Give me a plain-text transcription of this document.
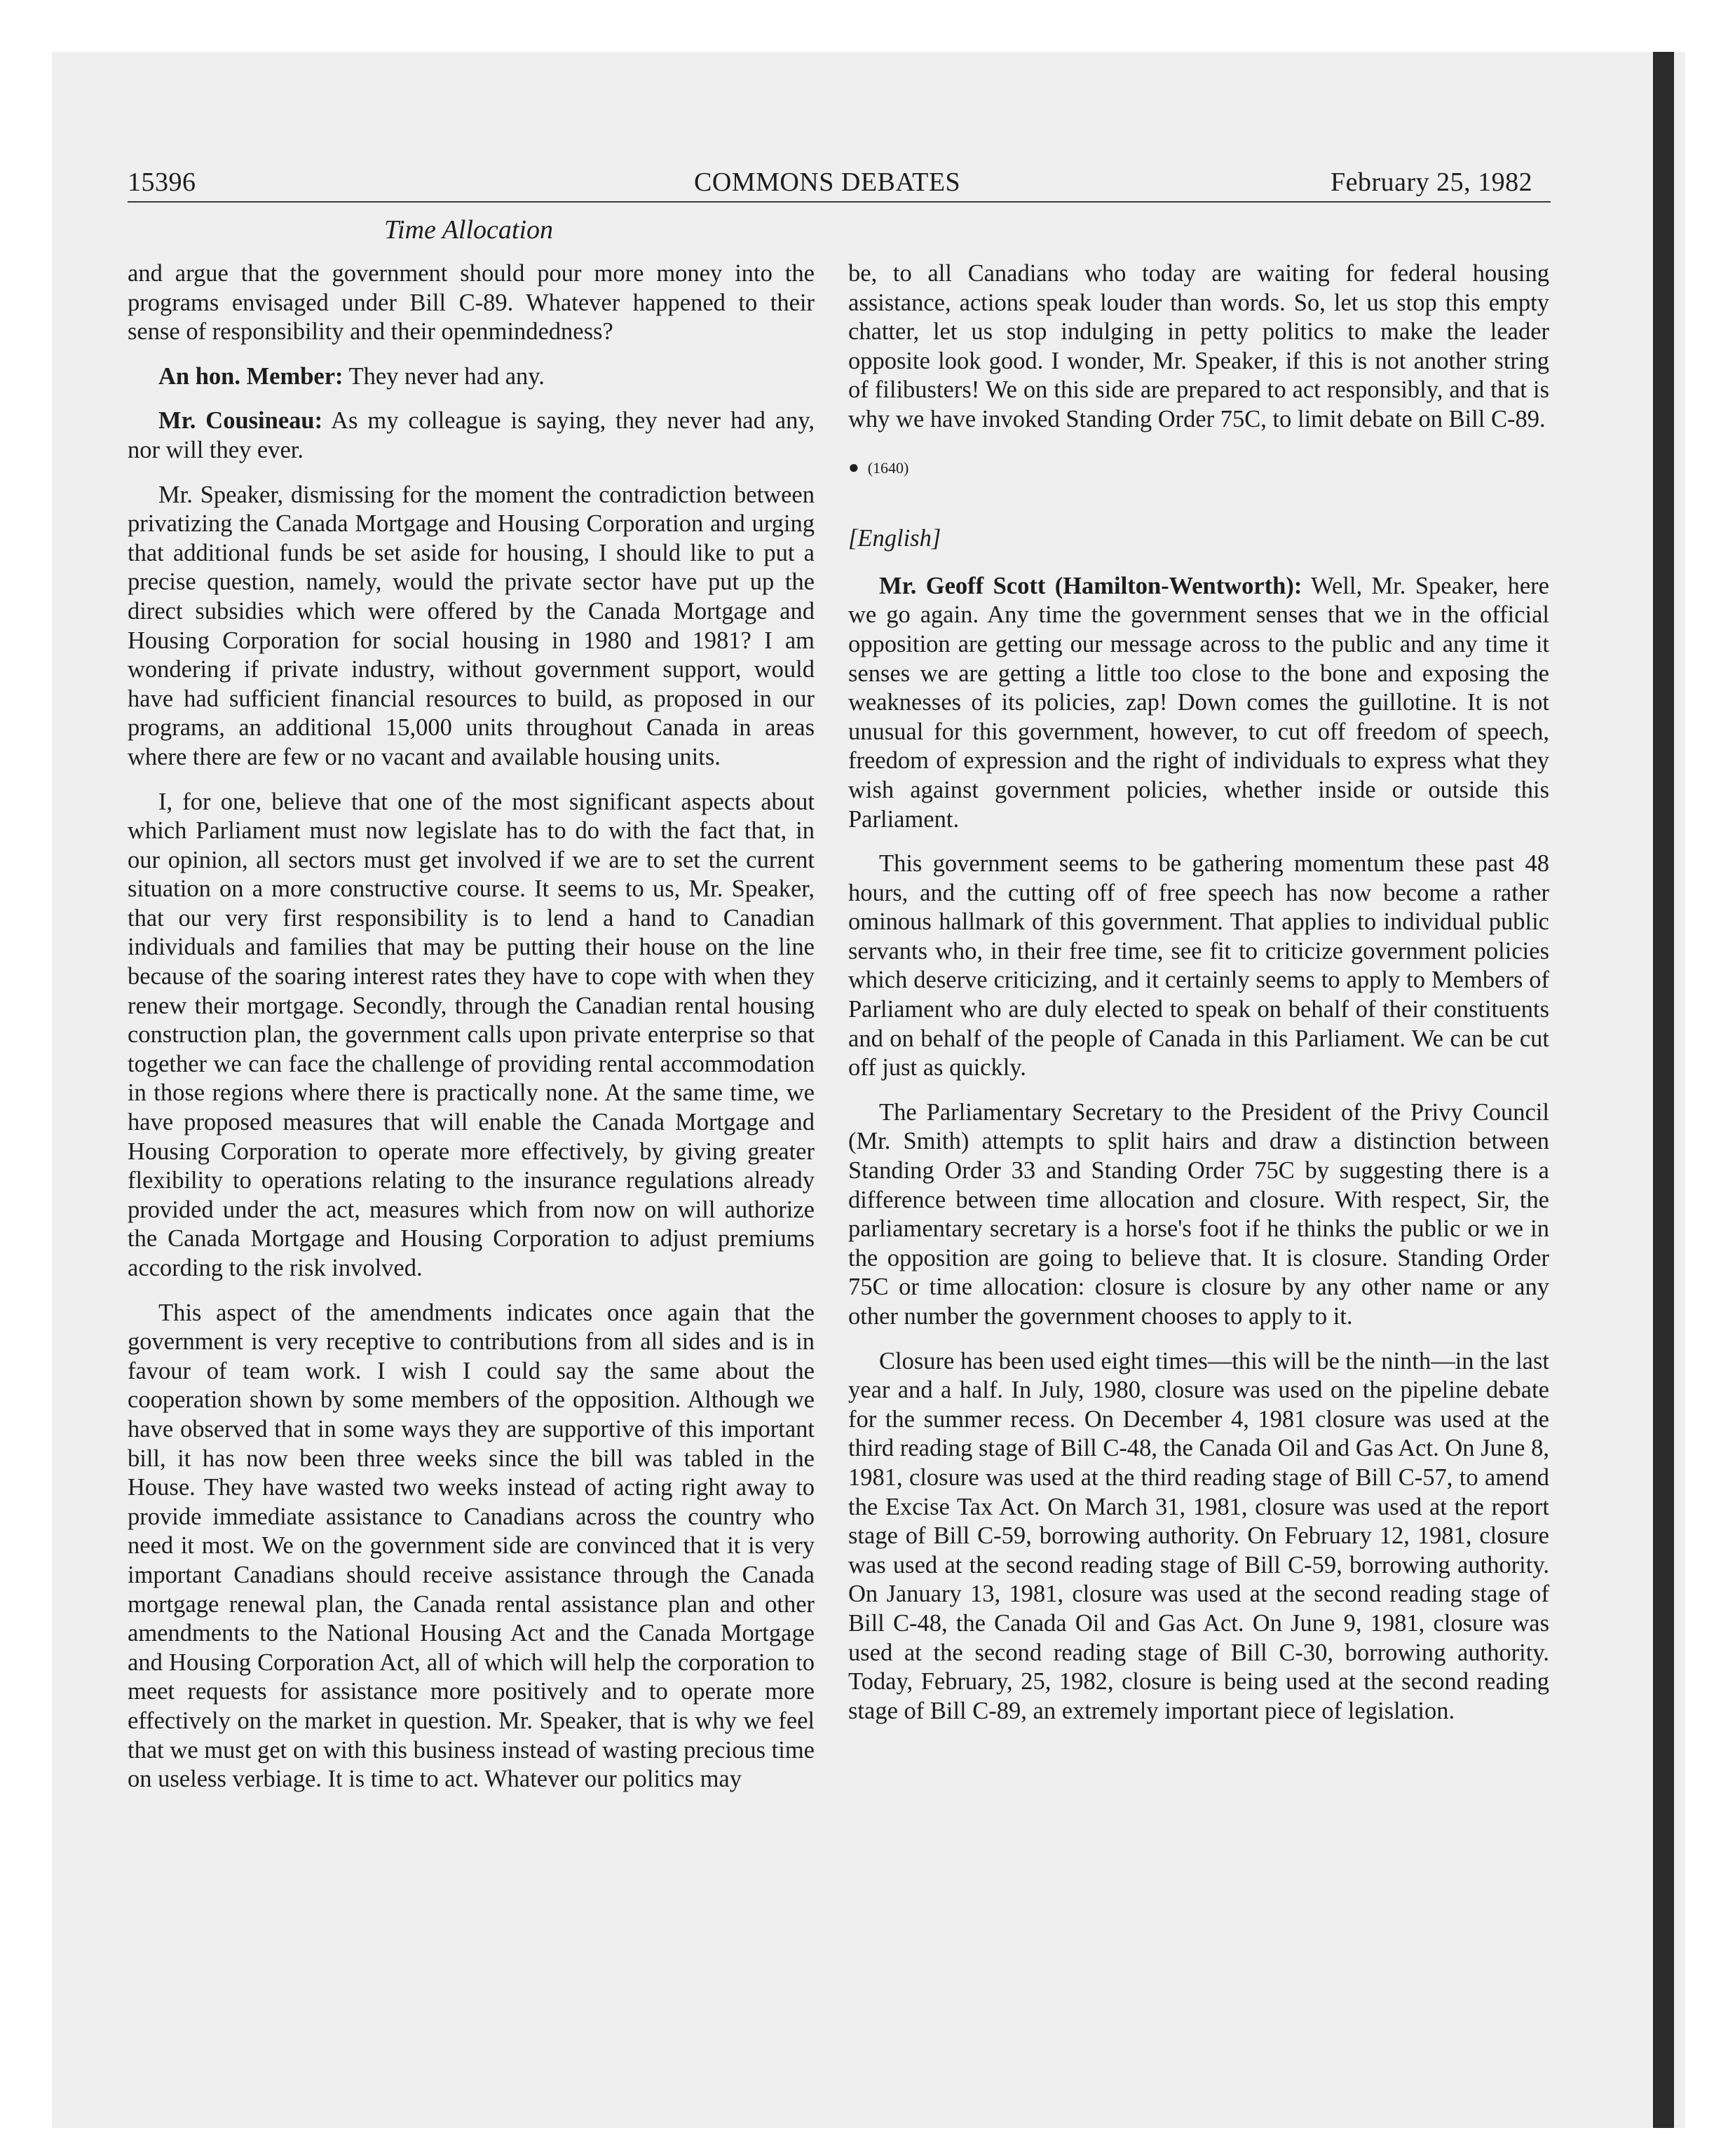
15396	COMMONS DEBATES	February 25, 1982
Time Allocation

and argue that the government should pour more money into the programs envisaged under Bill C-89. Whatever happened to their sense of responsibility and their openmindedness?

An hon. Member: They never had any.

Mr. Cousineau: As my colleague is saying, they never had any, nor will they ever.

Mr. Speaker, dismissing for the moment the contradiction between privatizing the Canada Mortgage and Housing Corporation and urging that additional funds be set aside for housing, I should like to put a precise question, namely, would the private sector have put up the direct subsidies which were offered by the Canada Mortgage and Housing Corporation for social housing in 1980 and 1981? I am wondering if private industry, without government support, would have had sufficient financial resources to build, as proposed in our programs, an additional 15,000 units throughout Canada in areas where there are few or no vacant and available housing units.

I, for one, believe that one of the most significant aspects about which Parliament must now legislate has to do with the fact that, in our opinion, all sectors must get involved if we are to set the current situation on a more constructive course. It seems to us, Mr. Speaker, that our very first responsibility is to lend a hand to Canadian individuals and families that may be putting their house on the line because of the soaring interest rates they have to cope with when they renew their mortgage. Secondly, through the Canadian rental housing construction plan, the government calls upon private enterprise so that together we can face the challenge of providing rental accommodation in those regions where there is practically none. At the same time, we have proposed measures that will enable the Canada Mortgage and Housing Corporation to operate more effectively, by giving greater flexibility to operations relating to the insurance regulations already provided under the act, measures which from now on will authorize the Canada Mortgage and Housing Corporation to adjust premiums according to the risk involved.

This aspect of the amendments indicates once again that the government is very receptive to contributions from all sides and is in favour of team work. I wish I could say the same about the cooperation shown by some members of the opposition. Although we have observed that in some ways they are supportive of this important bill, it has now been three weeks since the bill was tabled in the House. They have wasted two weeks instead of acting right away to provide immediate assistance to Canadians across the country who need it most. We on the government side are convinced that it is very important Canadians should receive assistance through the Canada mortgage renewal plan, the Canada rental assistance plan and other amendments to the National Housing Act and the Canada Mortgage and Housing Corporation Act, all of which will help the corporation to meet requests for assistance more positively and to operate more effectively on the market in question. Mr. Speaker, that is why we feel that we must get on with this business instead of wasting precious time on useless verbiage. It is time to act. Whatever our politics may

be, to all Canadians who today are waiting for federal housing assistance, actions speak louder than words. So, let us stop this empty chatter, let us stop indulging in petty politics to make the leader opposite look good. I wonder, Mr. Speaker, if this is not another string of filibusters! We on this side are prepared to act responsibly, and that is why we have invoked Standing Order 75C, to limit debate on Bill C-89.

● (1640)
[English]

Mr. Geoff Scott (Hamilton-Wentworth): Well, Mr. Speaker, here we go again. Any time the government senses that we in the official opposition are getting our message across to the public and any time it senses we are getting a little too close to the bone and exposing the weaknesses of its policies, zap! Down comes the guillotine. It is not unusual for this government, however, to cut off freedom of speech, freedom of expression and the right of individuals to express what they wish against government policies, whether inside or outside this Parliament.

This government seems to be gathering momentum these past 48 hours, and the cutting off of free speech has now become a rather ominous hallmark of this government. That applies to individual public servants who, in their free time, see fit to criticize government policies which deserve criticizing, and it certainly seems to apply to Members of Parliament who are duly elected to speak on behalf of their constituents and on behalf of the people of Canada in this Parliament. We can be cut off just as quickly.

The Parliamentary Secretary to the President of the Privy Council (Mr. Smith) attempts to split hairs and draw a distinction between Standing Order 33 and Standing Order 75C by suggesting there is a difference between time allocation and closure. With respect, Sir, the parliamentary secretary is a horse's foot if he thinks the public or we in the opposition are going to believe that. It is closure. Standing Order 75C or time allocation: closure is closure by any other name or any other number the government chooses to apply to it.

Closure has been used eight times—this will be the ninth—in the last year and a half. In July, 1980, closure was used on the pipeline debate for the summer recess. On December 4, 1981 closure was used at the third reading stage of Bill C-48, the Canada Oil and Gas Act. On June 8, 1981, closure was used at the third reading stage of Bill C-57, to amend the Excise Tax Act. On March 31, 1981, closure was used at the report stage of Bill C-59, borrowing authority. On February 12, 1981, closure was used at the second reading stage of Bill C-59, borrowing authority. On January 13, 1981, closure was used at the second reading stage of Bill C-48, the Canada Oil and Gas Act. On June 9, 1981, closure was used at the second reading stage of Bill C-30, borrowing authority. Today, February, 25, 1982, closure is being used at the second reading stage of Bill C-89, an extremely important piece of legislation.
